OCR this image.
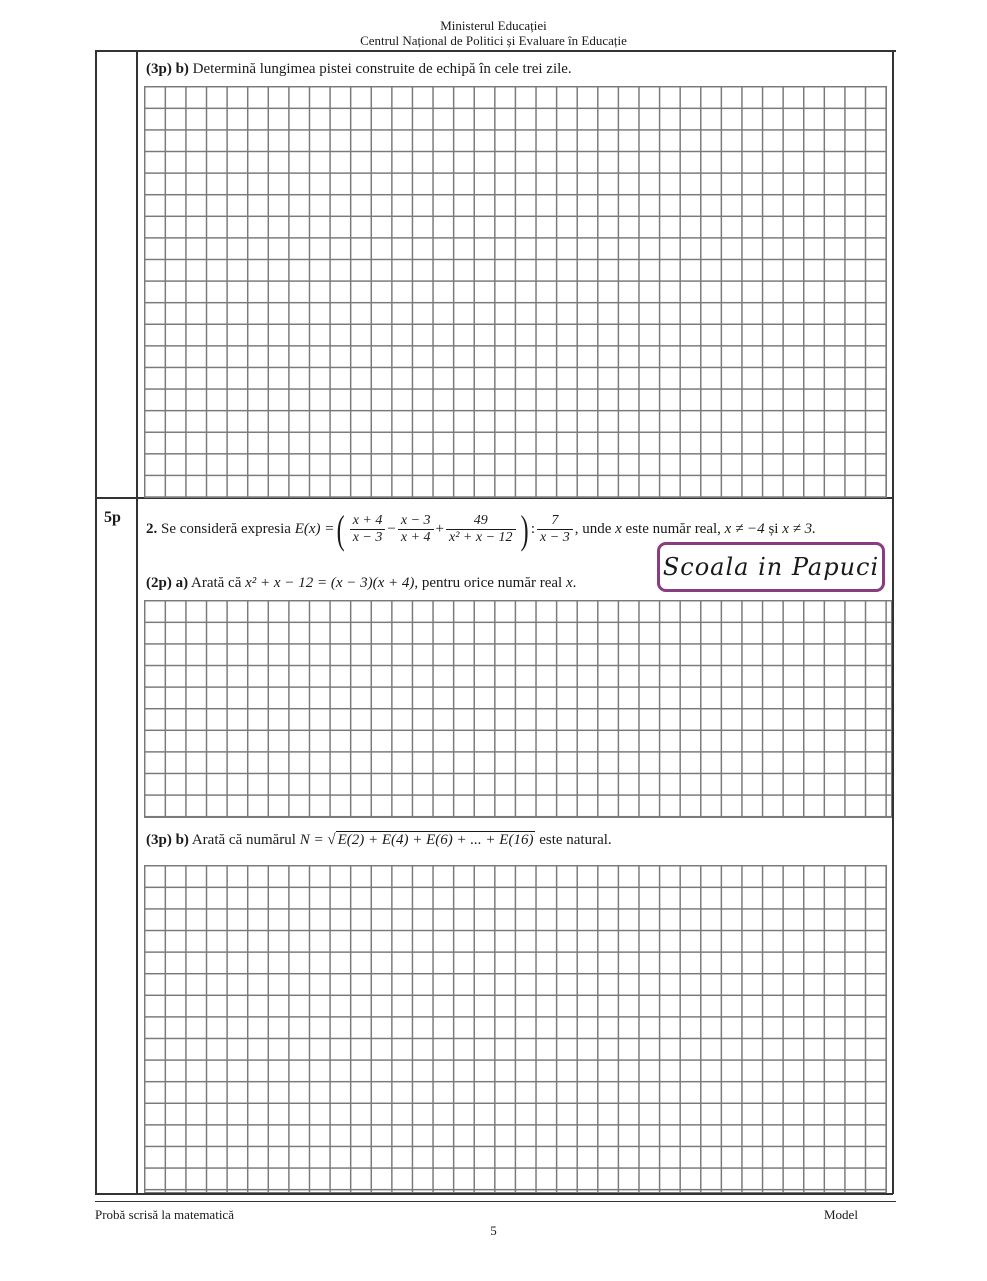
Ministerul Educației
Centrul Național de Politici și Evaluare în Educație
(3p) b) Determină lungimea pistei construite de echipă în cele trei zile.
5p
2. Se consideră expresia E(x) =( $\frac{x + 4}{x - 3} - \frac{x - 3}{x + 4} + \frac{49}{\text{x² + x − 12}}$ ) : $\frac{7}{x - 3}$ , unde x este număr real, x ≠ −4 și x ≠ 3.
Scoala in Papuci
(2p) a) Arată că x² + x − 12 = (x − 3)(x + 4), pentru orice număr real x.
(3p) b) Arată că numărul N = √ E(2) + E(4) + E(6) + ... + E(16) este natural.
Probă scrisă la matematică	Model
5
